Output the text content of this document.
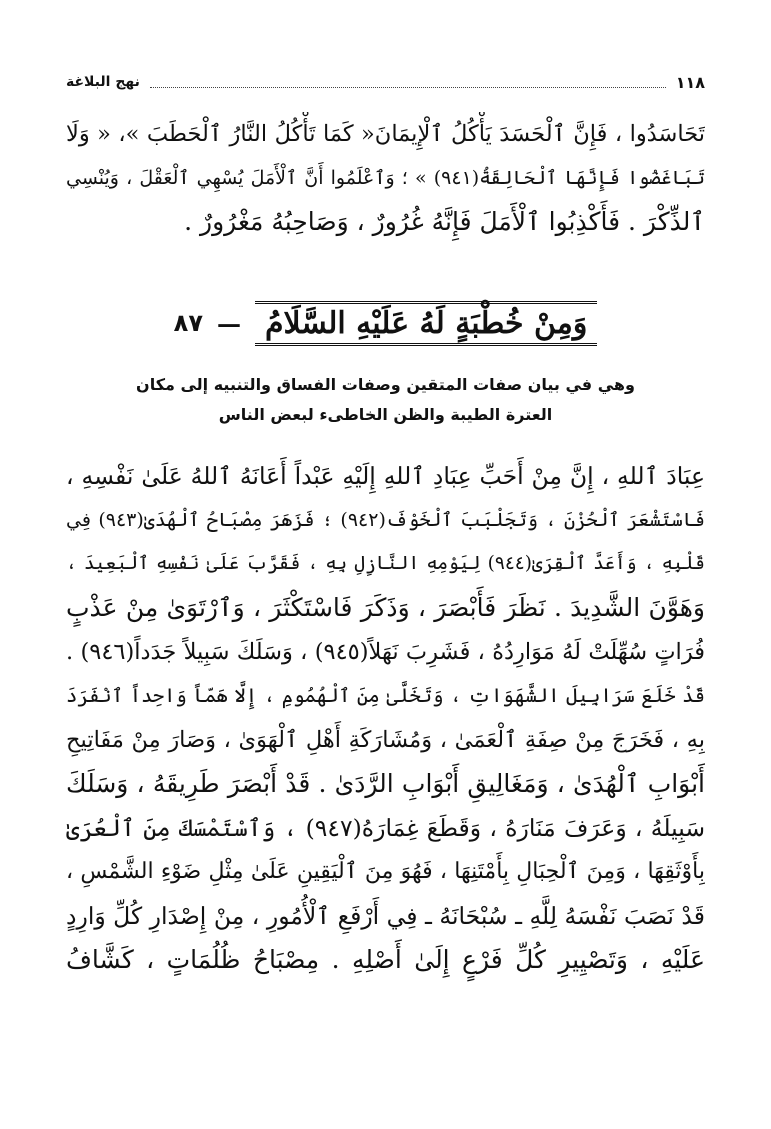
١١٨
نهج البلاغة

تَحَاسَدُوا ، فَإِنَّ ٱلْحَسَدَ يَأْكُلُ ٱلْإِيمَانَ« كَمَا تَأْكُلُ النَّارُ ٱلْحَطَبَ »، « وَلَا

تَبَاغَضُوا فَإِنَّهَا ٱلْحَالِقَةُ(٩٤١) » ؛ وَٱعْلَمُوا أَنَّ ٱلْأَمَلَ يُسْهِي ٱلْعَقْلَ ، وَيُنْسِي

ٱلذِّكْرَ . فَأَكْذِبُوا ٱلْأَمَلَ فَإِنَّهُ غُرُورٌ ، وَصَاحِبُهُ مَغْرُورٌ .

وَمِنْ خُطْبَةٍ لَهُ عَلَيْهِ السَّلَامُ
—
٨٧

وهي في بيان صفات المتقين وصفات الفساق والتنبيه إلى مكان

العترة الطيبة والظن الخاطىء لبعض الناس

عِبَادَ ٱللهِ ، إِنَّ مِنْ أَحَبِّ عِبَادِ ٱللهِ إِلَيْهِ عَبْداً أَعَانَهُ ٱللهُ عَلَىٰ نَفْسِهِ ،

فَاسْتَشْعَرَ ٱلْحُزْنَ ، وَتَجَلْبَبَ ٱلْخَوْفَ(٩٤٢) ؛ فَزَهَرَ مِصْبَاحُ ٱلْهُدَىٰ(٩٤٣) فِي

قَلْبِهِ ، وَأَعَدَّ ٱلْقِرَىٰ(٩٤٤) لِيَوْمِهِ النَّازِلِ بِهِ ، فَقَرَّبَ عَلَىٰ نَفْسِهِ ٱلْبَعِيدَ ،

وَهَوَّنَ الشَّدِيدَ . نَظَرَ فَأَبْصَرَ ، وَذَكَرَ فَاسْتَكْثَرَ ، وَٱرْتَوَىٰ مِنْ عَذْبٍ

فُرَاتٍ سُهِّلَتْ لَهُ مَوَارِدُهُ ، فَشَرِبَ نَهَلاً(٩٤٥) ، وَسَلَكَ سَبِيلاً جَدَداً(٩٤٦) .

قَدْ خَلَعَ سَرَابِيلَ الشَّهَوَاتِ ، وَتَخَلَّىٰ مِنَ ٱلْهُمُومِ ، إِلَّا هَمّاً وَاحِداً ٱنْفَرَدَ

بِهِ ، فَخَرَجَ مِنْ صِفَةِ ٱلْعَمَىٰ ، وَمُشَارَكَةِ أَهْلِ ٱلْهَوَىٰ ، وَصَارَ مِنْ مَفَاتِيحِ

أَبْوَابِ ٱلْهُدَىٰ ، وَمَغَالِيقِ أَبْوَابِ الرَّدَىٰ . قَدْ أَبْصَرَ طَرِيقَهُ ، وَسَلَكَ

سَبِيلَهُ ، وَعَرَفَ مَنَارَهُ ، وَقَطَعَ غِمَارَهُ(٩٤٧) ، وَٱسْتَمْسَكَ مِنَ ٱلْعُرَىٰ

بِأَوْثَقِهَا ، وَمِنَ ٱلْحِبَالِ بِأَمْتَنِهَا ، فَهُوَ مِنَ ٱلْيَقِينِ عَلَىٰ مِثْلِ ضَوْءِ الشَّمْسِ ،

قَدْ نَصَبَ نَفْسَهُ لِلَّهِ ـ سُبْحَانَهُ ـ فِي أَرْفَعِ ٱلْأُمُورِ ، مِنْ إِصْدَارِ كُلِّ وَارِدٍ

عَلَيْهِ ، وَتَصْيِيرِ كُلِّ فَرْعٍ إِلَىٰ أَصْلِهِ . مِصْبَاحُ ظُلُمَاتٍ ، كَشَّافُ
